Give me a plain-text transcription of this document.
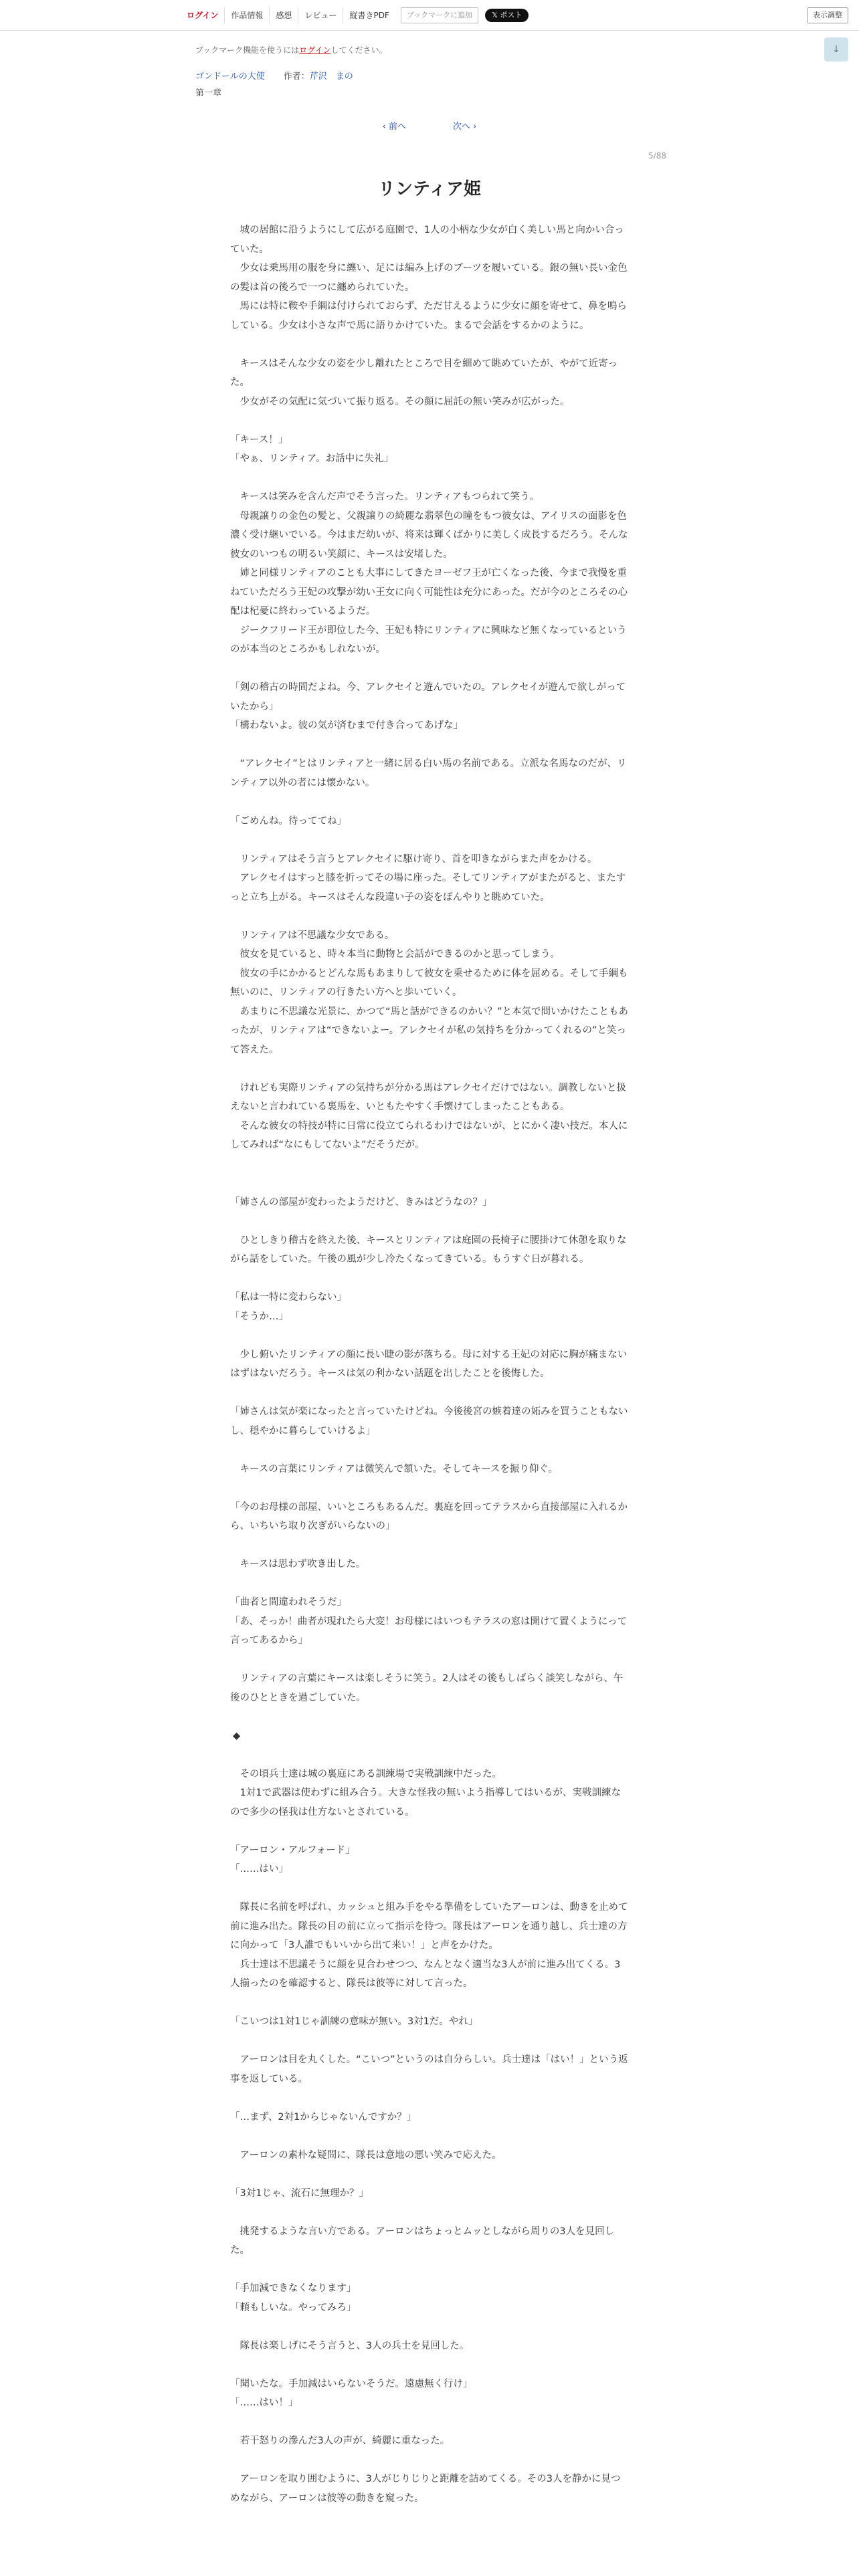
ログイン	作品情報	感想	レビュー	縦書きPDF	ブックマークに追加	𝕏 ポスト	表示調整
↓
ブックマーク機能を使うにはログインしてください。
ゴンドールの大使 作者：芹沢　まの
第一章
‹ 前へ	次へ ›
5/88
リンティア姫

　城の居館に沿うようにして広がる庭園で、1人の小柄な少女が白く美しい馬と向かい合っていた。

　少女は乗馬用の服を身に纏い、足には編み上げのブーツを履いている。銀の無い長い金色の髪は首の後ろで一つに纏められていた。

　馬には特に鞍や手綱は付けられておらず、ただ甘えるように少女に顔を寄せて、鼻を鳴らしている。少女は小さな声で馬に語りかけていた。まるで会話をするかのように。

　キースはそんな少女の姿を少し離れたところで目を細めて眺めていたが、やがて近寄った。

　少女がその気配に気づいて振り返る。その顔に屈託の無い笑みが広がった。

「キース！」

「やぁ、リンティア。お話中に失礼」

　キースは笑みを含んだ声でそう言った。リンティアもつられて笑う。

　母親譲りの金色の髪と、父親譲りの綺麗な翡翠色の瞳をもつ彼女は、アイリスの面影を色濃く受け継いでいる。今はまだ幼いが、将来は輝くばかりに美しく成長するだろう。そんな彼女のいつもの明るい笑顔に、キースは安堵した。

　姉と同様リンティアのことも大事にしてきたヨーゼフ王が亡くなった後、今まで我慢を重ねていただろう王妃の攻撃が幼い王女に向く可能性は充分にあった。だが今のところその心配は杞憂に終わっているようだ。

　ジークフリード王が即位した今、王妃も特にリンティアに興味など無くなっているというのが本当のところかもしれないが。

「剣の稽古の時間だよね。今、アレクセイと遊んでいたの。アレクセイが遊んで欲しがっていたから」

「構わないよ。彼の気が済むまで付き合ってあげな」

　“アレクセイ”とはリンティアと一緒に居る白い馬の名前である。立派な名馬なのだが、リンティア以外の者には懐かない。

「ごめんね。待っててね」

　リンティアはそう言うとアレクセイに駆け寄り、首を叩きながらまた声をかける。

　アレクセイはすっと膝を折ってその場に座った。そしてリンティアがまたがると、またすっと立ち上がる。キースはそんな段違い子の姿をぼんやりと眺めていた。

　リンティアは不思議な少女である。

　彼女を見ていると、時々本当に動物と会話ができるのかと思ってしまう。

　彼女の手にかかるとどんな馬もあまりして彼女を乗せるために体を屈める。そして手綱も無いのに、リンティアの行きたい方へと歩いていく。

　あまりに不思議な光景に、かつて“馬と話ができるのかい？”と本気で問いかけたこともあったが、リンティアは“できないよー。アレクセイが私の気持ちを分かってくれるの”と笑って答えた。

　けれども実際リンティアの気持ちが分かる馬はアレクセイだけではない。調教しないと扱えないと言われている裏馬を、いともたやすく手懐けてしまったこともある。

　そんな彼女の特技が特に日常に役立てられるわけではないが、とにかく凄い技だ。本人にしてみれば“なにもしてないよ”だそうだが。

「姉さんの部屋が変わったようだけど、きみはどうなの？」

　ひとしきり稽古を終えた後、キースとリンティアは庭園の長椅子に腰掛けて休憩を取りながら話をしていた。午後の風が少し冷たくなってきている。もうすぐ日が暮れる。

「私は一特に変わらない」

「そうか…」

　少し俯いたリンティアの顔に長い睫の影が落ちる。母に対する王妃の対応に胸が痛まないはずはないだろう。キースは気の利かない話題を出したことを後悔した。

「姉さんは気が楽になったと言っていたけどね。今後後宮の嫉着達の妬みを買うこともないし、穏やかに暮らしていけるよ」

　キースの言葉にリンティアは微笑んで頷いた。そしてキースを振り仰ぐ。

「今のお母様の部屋、いいところもあるんだ。裏庭を回ってテラスから直接部屋に入れるから、いちいち取り次ぎがいらないの」

　キースは思わず吹き出した。

「曲者と間違われそうだ」

「あ、そっか！曲者が現れたら大変！お母様にはいつもテラスの窓は開けて置くようにって言ってあるから」

　リンティアの言葉にキースは楽しそうに笑う。2人はその後もしばらく談笑しながら、午後のひとときを過ごしていた。

◆

　その頃兵士達は城の裏庭にある訓練場で実戦訓練中だった。

　1対1で武器は使わずに組み合う。大きな怪我の無いよう指導してはいるが、実戦訓練なので多少の怪我は仕方ないとされている。

「アーロン・アルフォード」

「……はい」

　隊長に名前を呼ばれ、カッシュと組み手をやる準備をしていたアーロンは、動きを止めて前に進み出た。隊長の目の前に立って指示を待つ。隊長はアーロンを通り越し、兵士達の方に向かって「3人誰でもいいから出て来い！」と声をかけた。

　兵士達は不思議そうに顔を見合わせつつ、なんとなく適当な3人が前に進み出てくる。3人揃ったのを確認すると、隊長は彼等に対して言った。

「こいつは1対1じゃ訓練の意味が無い。3対1だ。やれ」

　アーロンは目を丸くした。“こいつ”というのは自分らしい。兵士達は「はい！」という返事を返している。

「…まず、2対1からじゃないんですか？」

　アーロンの素朴な疑問に、隊長は意地の悪い笑みで応えた。

「3対1じゃ、流石に無理か？」

　挑発するような言い方である。アーロンはちょっとムッとしながら周りの3人を見回した。

「手加減できなくなります」

「頼もしいな。やってみろ」

　隊長は楽しげにそう言うと、3人の兵士を見回した。

「聞いたな。手加減はいらないそうだ。遠慮無く行け」

「……はい！」

　若干怒りの滲んだ3人の声が、綺麗に重なった。

　アーロンを取り囲むように、3人がじりじりと距離を詰めてくる。その3人を静かに見つめながら、アーロンは彼等の動きを窺った。
